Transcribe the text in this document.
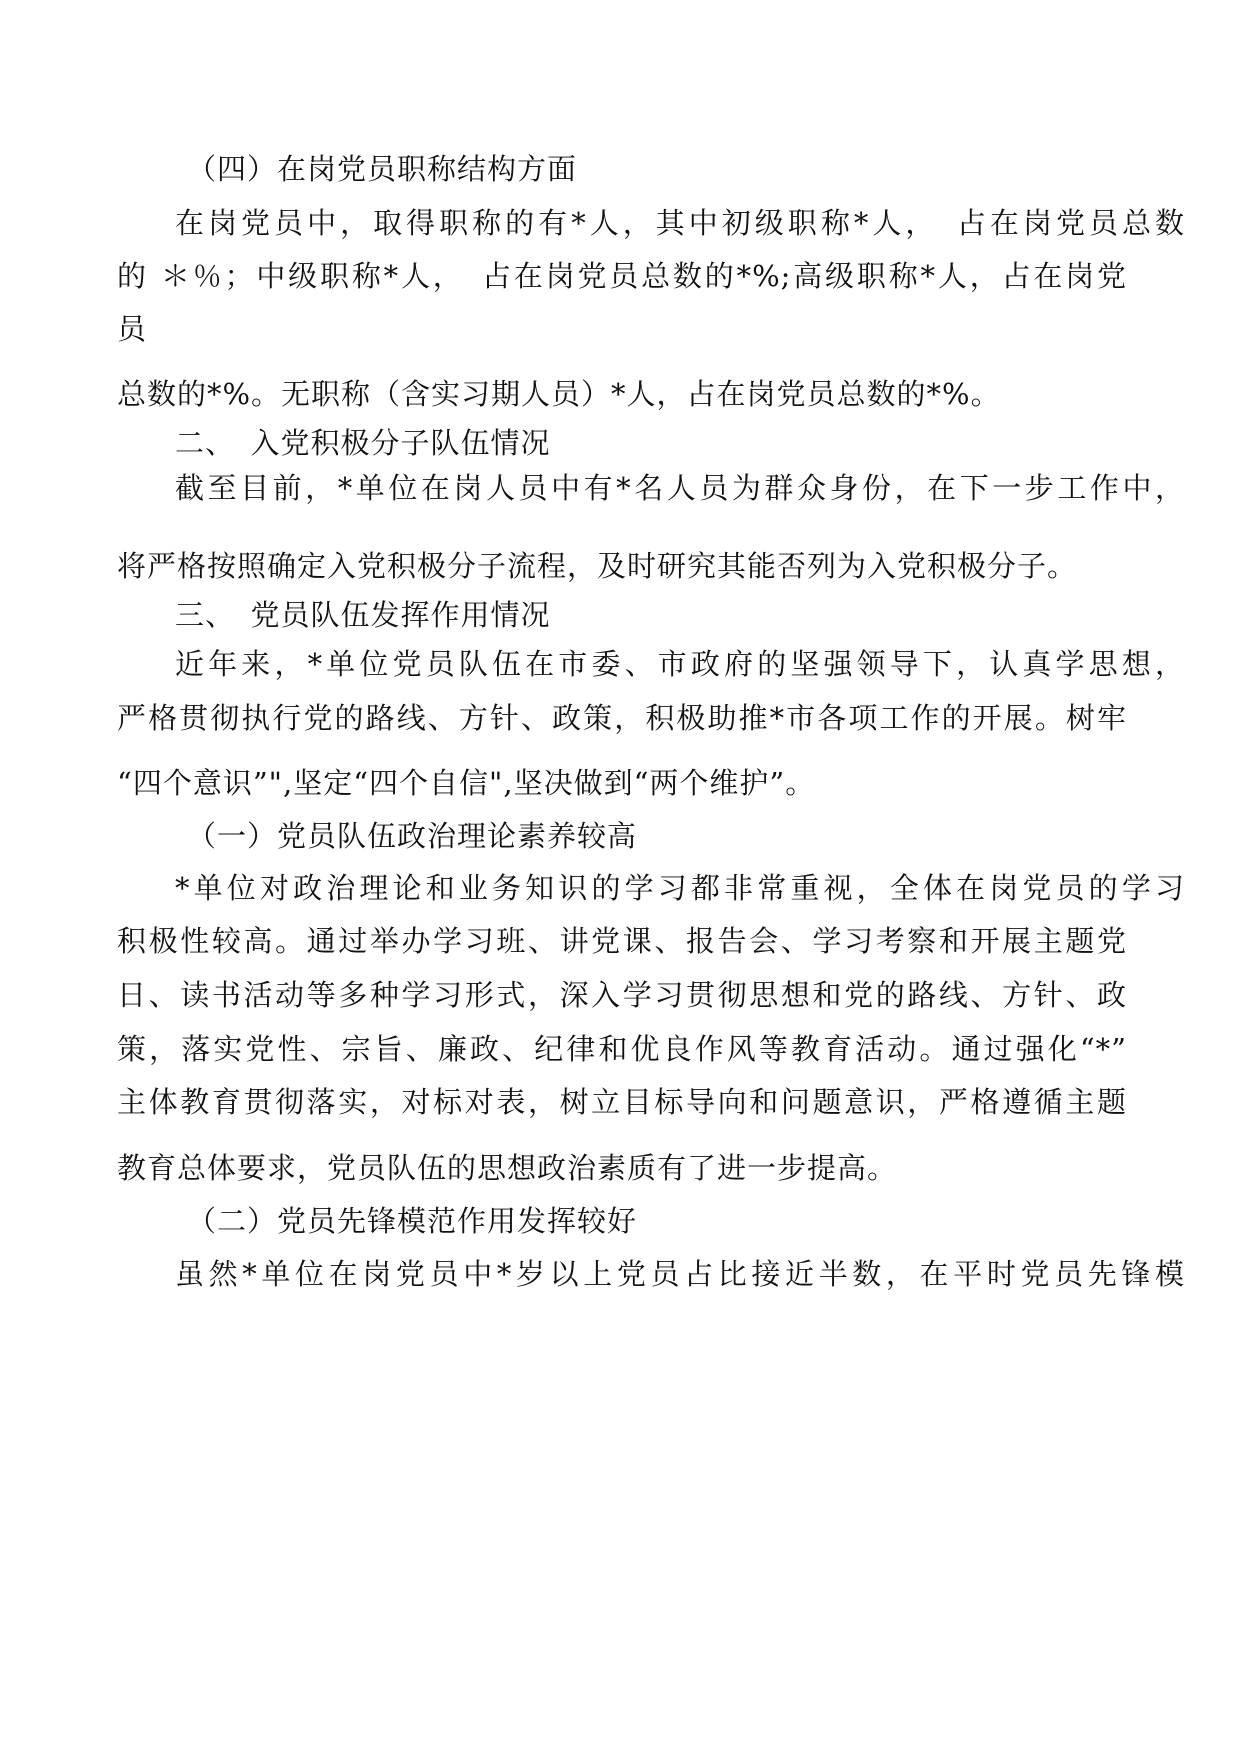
（四）在岗党员职称结构方面

在岗党员中，取得职称的有*人，其中初级职称*人，　占在岗党员总数

的 ＊％；中级职称*人，　占在岗党员总数的*%;高级职称*人，占在岗党

员

总数的*%。无职称（含实习期人员）*人，占在岗党员总数的*%。

二、　入党积极分子队伍情况

截至目前，*单位在岗人员中有*名人员为群众身份，在下一步工作中，

将严格按照确定入党积极分子流程，及时研究其能否列为入党积极分子。

三、　党员队伍发挥作用情况

近年来，*单位党员队伍在市委、市政府的坚强领导下，认真学思想，

严格贯彻执行党的路线、方针、政策，积极助推*市各项工作的开展。树牢

“四个意识”",坚定“四个自信",坚决做到“两个维护”。

（一）党员队伍政治理论素养较高

*单位对政治理论和业务知识的学习都非常重视，全体在岗党员的学习

积极性较高。通过举办学习班、讲党课、报告会、学习考察和开展主题党

日、读书活动等多种学习形式，深入学习贯彻思想和党的路线、方针、政

策，落实党性、宗旨、廉政、纪律和优良作风等教育活动。通过强化“*”

主体教育贯彻落实，对标对表，树立目标导向和问题意识，严格遵循主题

教育总体要求，党员队伍的思想政治素质有了进一步提高。

（二）党员先锋模范作用发挥较好

虽然*单位在岗党员中*岁以上党员占比接近半数，在平时党员先锋模
